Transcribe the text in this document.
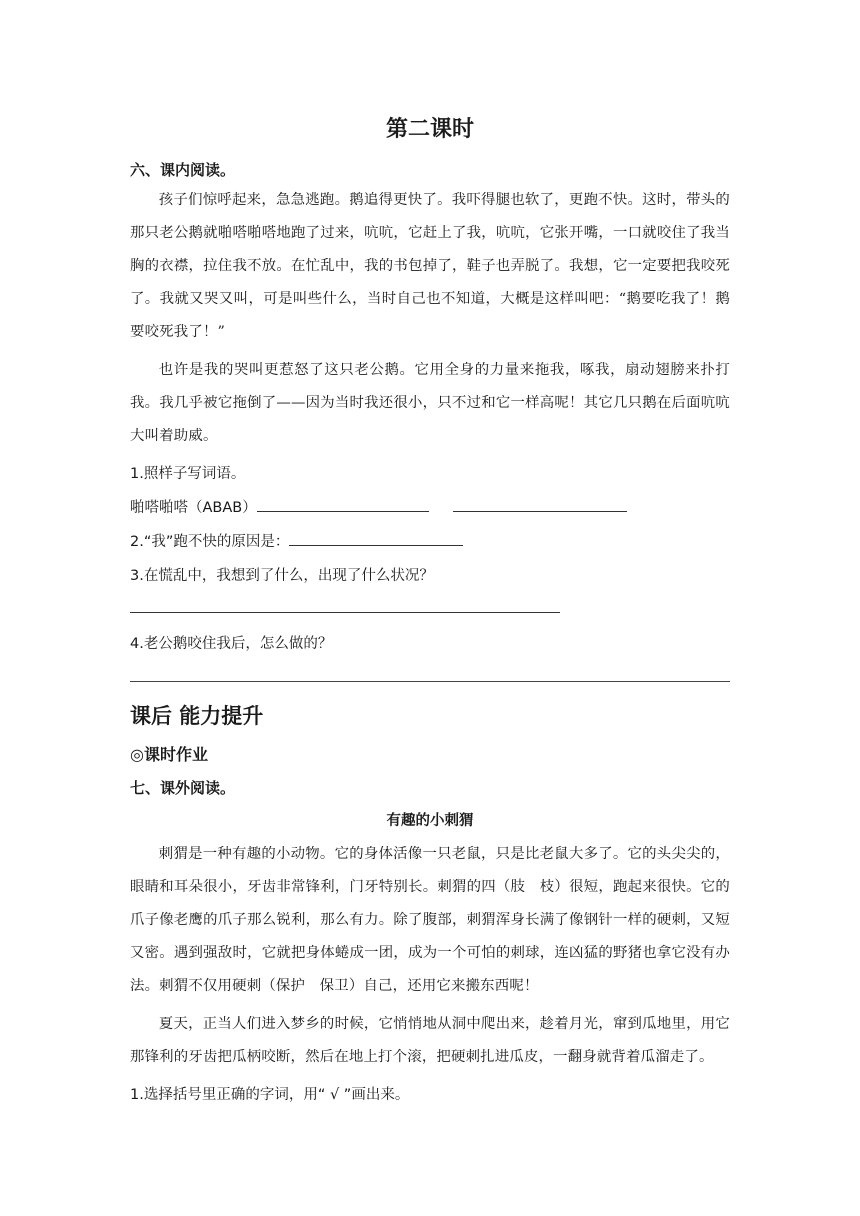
第二课时
六、课内阅读。
孩子们惊呼起来，急急逃跑。鹅追得更快了。我吓得腿也软了，更跑不快。这时，带头的那只老公鹅就啪嗒啪嗒地跑了过来，吭吭，它赶上了我，吭吭，它张开嘴，一口就咬住了我当胸的衣襟，拉住我不放。在忙乱中，我的书包掉了，鞋子也弄脱了。我想，它一定要把我咬死了。我就又哭又叫，可是叫些什么，当时自己也不知道，大概是这样叫吧：“鹅要吃我了！鹅要咬死我了！”
也许是我的哭叫更惹怒了这只老公鹅。它用全身的力量来拖我，啄我，扇动翅膀来扑打我。我几乎被它拖倒了——因为当时我还很小，只不过和它一样高呢！其它几只鹅在后面吭吭大叫着助威。
1.照样子写词语。
啪嗒啪嗒（ABAB）
2.“我”跑不快的原因是：
3.在慌乱中，我想到了什么，出现了什么状况？
4.老公鹅咬住我后，怎么做的？
课后 能力提升
◎课时作业
七、课外阅读。
有趣的小刺猬
刺猬是一种有趣的小动物。它的身体活像一只老鼠，只是比老鼠大多了。它的头尖尖的，眼睛和耳朵很小，牙齿非常锋利，门牙特别长。刺猬的四（肢　枝）很短，跑起来很快。它的爪子像老鹰的爪子那么锐利，那么有力。除了腹部，刺猬浑身长满了像钢针一样的硬刺，又短又密。遇到强敌时，它就把身体蜷成一团，成为一个可怕的刺球，连凶猛的野猪也拿它没有办法。刺猬不仅用硬刺（保护　保卫）自己，还用它来搬东西呢！
夏天，正当人们进入梦乡的时候，它悄悄地从洞中爬出来，趁着月光，窜到瓜地里，用它那锋利的牙齿把瓜柄咬断，然后在地上打个滚，把硬刺扎进瓜皮，一翻身就背着瓜溜走了。
1.选择括号里正确的字词，用“ √ ”画出来。
